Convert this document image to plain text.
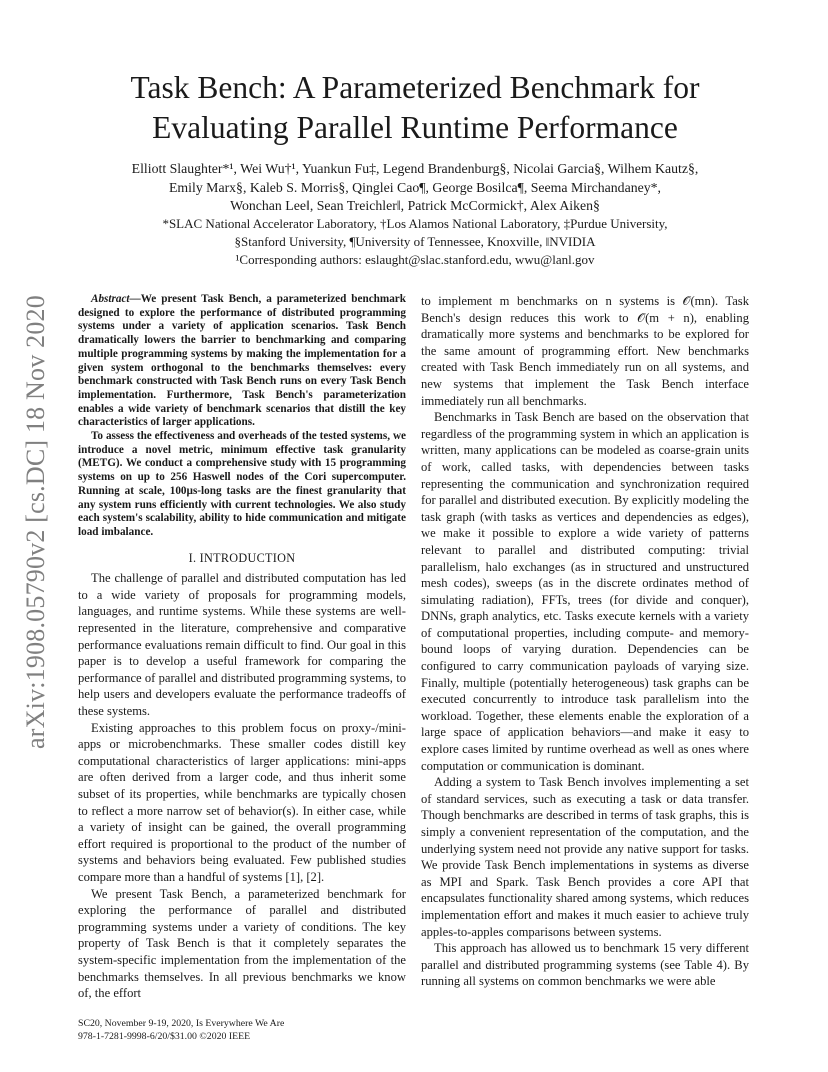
arXiv:1908.05790v2 [cs.DC] 18 Nov 2020
Task Bench: A Parameterized Benchmark for
Evaluating Parallel Runtime Performance
Elliott Slaughter*¹, Wei Wu†¹, Yuankun Fu‡, Legend Brandenburg§, Nicolai Garcia§, Wilhem Kautz§,
Emily Marx§, Kaleb S. Morris§, Qinglei Cao¶, George Bosilca¶, Seema Mirchandaney*,
Wonchan Lee‖, Sean Treichler‖, Patrick McCormick†, Alex Aiken§
*SLAC National Accelerator Laboratory, †Los Alamos National Laboratory, ‡Purdue University,
§Stanford University, ¶University of Tennessee, Knoxville, ‖NVIDIA
¹Corresponding authors: eslaught@slac.stanford.edu, wwu@lanl.gov

Abstract—We present Task Bench, a parameterized benchmark designed to explore the performance of distributed programming systems under a variety of application scenarios. Task Bench dramatically lowers the barrier to benchmarking and comparing multiple programming systems by making the implementation for a given system orthogonal to the benchmarks themselves: every benchmark constructed with Task Bench runs on every Task Bench implementation. Furthermore, Task Bench's parameterization enables a wide variety of benchmark scenarios that distill the key characteristics of larger applications.

To assess the effectiveness and overheads of the tested systems, we introduce a novel metric, minimum effective task granularity (METG). We conduct a comprehensive study with 15 programming systems on up to 256 Haswell nodes of the Cori supercomputer. Running at scale, 100µs-long tasks are the finest granularity that any system runs efficiently with current technologies. We also study each system's scalability, ability to hide communication and mitigate load imbalance.

I. INTRODUCTION

The challenge of parallel and distributed computation has led to a wide variety of proposals for programming models, languages, and runtime systems. While these systems are well-represented in the literature, comprehensive and comparative performance evaluations remain difficult to find. Our goal in this paper is to develop a useful framework for comparing the performance of parallel and distributed programming systems, to help users and developers evaluate the performance tradeoffs of these systems.

Existing approaches to this problem focus on proxy-/mini-apps or microbenchmarks. These smaller codes distill key computational characteristics of larger applications: mini-apps are often derived from a larger code, and thus inherit some subset of its properties, while benchmarks are typically chosen to reflect a more narrow set of behavior(s). In either case, while a variety of insight can be gained, the overall programming effort required is proportional to the product of the number of systems and behaviors being evaluated. Few published studies compare more than a handful of systems [1], [2].

We present Task Bench, a parameterized benchmark for exploring the performance of parallel and distributed programming systems under a variety of conditions. The key property of Task Bench is that it completely separates the system-specific implementation from the implementation of the benchmarks themselves. In all previous benchmarks we know of, the effort

to implement m benchmarks on n systems is 𝒪(mn). Task Bench's design reduces this work to 𝒪(m + n), enabling dramatically more systems and benchmarks to be explored for the same amount of programming effort. New benchmarks created with Task Bench immediately run on all systems, and new systems that implement the Task Bench interface immediately run all benchmarks.

Benchmarks in Task Bench are based on the observation that regardless of the programming system in which an application is written, many applications can be modeled as coarse-grain units of work, called tasks, with dependencies between tasks representing the communication and synchronization required for parallel and distributed execution. By explicitly modeling the task graph (with tasks as vertices and dependencies as edges), we make it possible to explore a wide variety of patterns relevant to parallel and distributed computing: trivial parallelism, halo exchanges (as in structured and unstructured mesh codes), sweeps (as in the discrete ordinates method of simulating radiation), FFTs, trees (for divide and conquer), DNNs, graph analytics, etc. Tasks execute kernels with a variety of computational properties, including compute- and memory-bound loops of varying duration. Dependencies can be configured to carry communication payloads of varying size. Finally, multiple (potentially heterogeneous) task graphs can be executed concurrently to introduce task parallelism into the workload. Together, these elements enable the exploration of a large space of application behaviors—and make it easy to explore cases limited by runtime overhead as well as ones where computation or communication is dominant.

Adding a system to Task Bench involves implementing a set of standard services, such as executing a task or data transfer. Though benchmarks are described in terms of task graphs, this is simply a convenient representation of the computation, and the underlying system need not provide any native support for tasks. We provide Task Bench implementations in systems as diverse as MPI and Spark. Task Bench provides a core API that encapsulates functionality shared among systems, which reduces implementation effort and makes it much easier to achieve truly apples-to-apples comparisons between systems.

This approach has allowed us to benchmark 15 very different parallel and distributed programming systems (see Table 4). By running all systems on common benchmarks we were able

SC20, November 9-19, 2020, Is Everywhere We Are
978-1-7281-9998-6/20/$31.00 ©2020 IEEE
